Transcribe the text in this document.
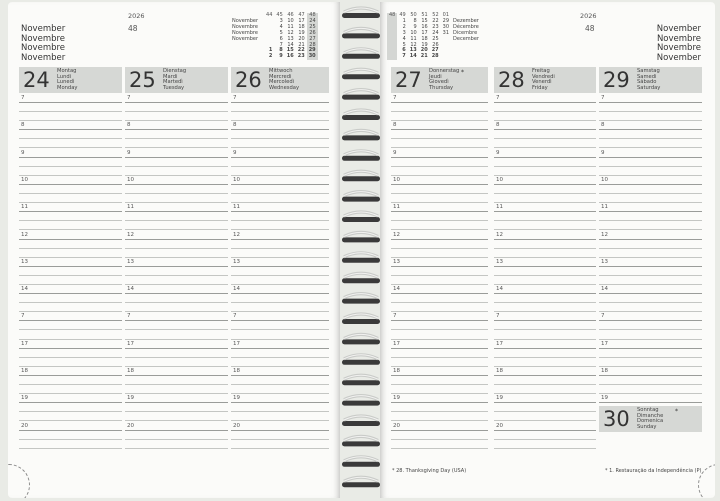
2026
48
November
Novembre
Novembre
November
	44	45	46	47	48
November		3	10	17	24
Novembre		4	11	18	25
Novembre		5	12	19	26
November		6	13	20	27
		7	14	21	28
	1	8	15	22	29
	2	9	16	23	30
24 Montag
Lundi
Lunedì
Monday
7
8
9
10
11
12
13
14
7
17
18
19
20
25 Dienstag
Mardi
Martedì
Tuesday
7
8
9
10
11
12
13
14
7
17
18
19
20
26 Mittwoch
Mercredi
Mercoledì
Wednesday
7
8
9
10
11
12
13
14
7
17
18
19
20
48	49	50	51	52	01	
	1	8	15	22	29	Dezember
	2	9	16	23	30	Décembre
	3	10	17	24	31	Dicembre
	4	11	18	25		December
	5	12	19	26		
	6	13	20	27		
	7	14	21	28		
2026
48	November
Novembre
Novembre
November
27 Donnerstag
Jeudi
Giovedì
Thursday
*
7
8
9
10
11
12
13
14
7
17
18
19
20
28 Freitag
Vendredi
Venerdì
Friday
7
8
9
10
11
12
13
14
7
17
18
19
20
29 Samstag
Samedi
Sábado
Saturday
7
8
9
10
11
12
13
14
7
17
18
19
30 Sonntag
Dimanche
Domenica
Sunday
*
* 28. Thanksgiving Day (USA)	* 1. Restauração da Independência (P)
